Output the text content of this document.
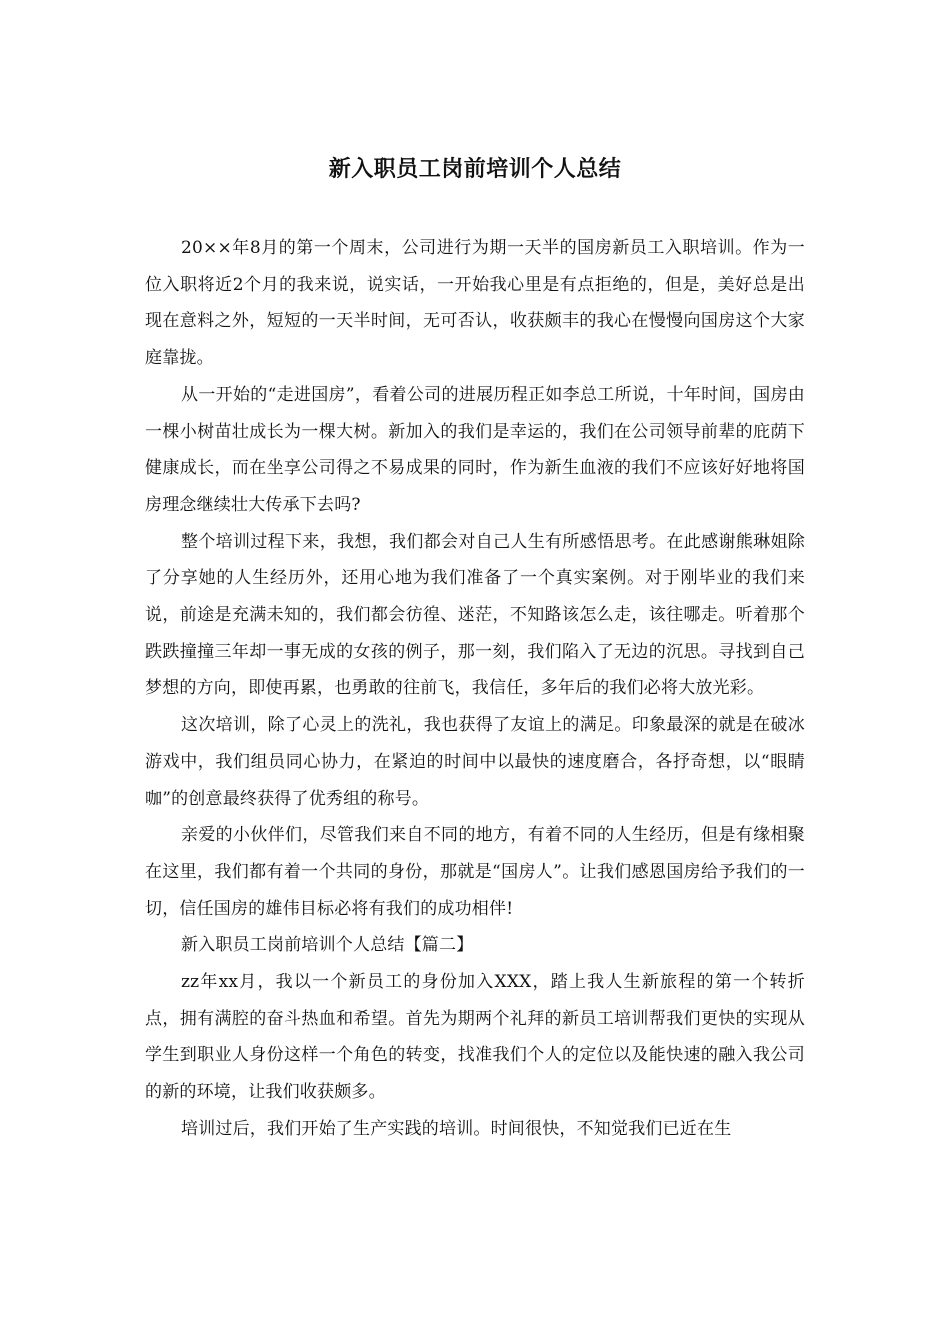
新入职员工岗前培训个人总结

20××年8月的第一个周末，公司进行为期一天半的国房新员工入职培训。作为一位入职将近2个月的我来说，说实话，一开始我心里是有点拒绝的，但是，美好总是出现在意料之外，短短的一天半时间，无可否认，收获颇丰的我心在慢慢向国房这个大家庭靠拢。

从一开始的“走进国房”，看着公司的进展历程正如李总工所说，十年时间，国房由一棵小树苗壮成长为一棵大树。新加入的我们是幸运的，我们在公司领导前辈的庇荫下健康成长，而在坐享公司得之不易成果的同时，作为新生血液的我们不应该好好地将国房理念继续壮大传承下去吗?

整个培训过程下来，我想，我们都会对自己人生有所感悟思考。在此感谢熊琳姐除了分享她的人生经历外，还用心地为我们准备了一个真实案例。对于刚毕业的我们来说，前途是充满未知的，我们都会彷徨、迷茫，不知路该怎么走，该往哪走。听着那个跌跌撞撞三年却一事无成的女孩的例子，那一刻，我们陷入了无边的沉思。寻找到自己梦想的方向，即使再累，也勇敢的往前飞，我信任，多年后的我们必将大放光彩。

这次培训，除了心灵上的洗礼，我也获得了友谊上的满足。印象最深的就是在破冰游戏中，我们组员同心协力，在紧迫的时间中以最快的速度磨合，各抒奇想，以“眼睛咖”的创意最终获得了优秀组的称号。

亲爱的小伙伴们，尽管我们来自不同的地方，有着不同的人生经历，但是有缘相聚在这里，我们都有着一个共同的身份，那就是“国房人”。让我们感恩国房给予我们的一切，信任国房的雄伟目标必将有我们的成功相伴!

新入职员工岗前培训个人总结【篇二】

zz年xx月，我以一个新员工的身份加入XXX，踏上我人生新旅程的第一个转折点，拥有满腔的奋斗热血和希望。首先为期两个礼拜的新员工培训帮我们更快的实现从学生到职业人身份这样一个角色的转变，找准我们个人的定位以及能快速的融入我公司的新的环境，让我们收获颇多。

培训过后，我们开始了生产实践的培训。时间很快，不知觉我们已近在生
